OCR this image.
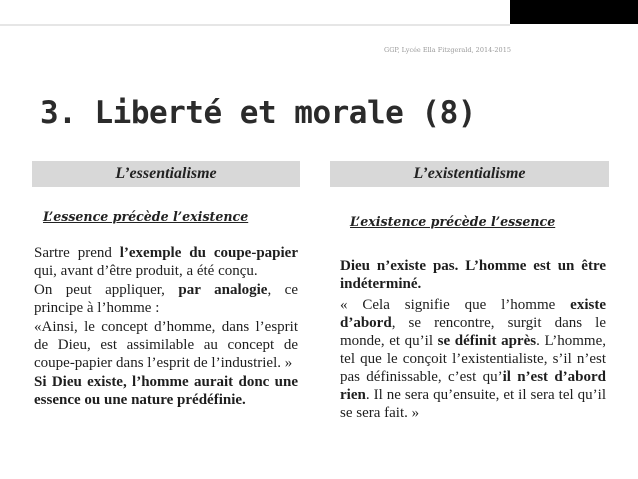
GGP, Lycée Ella Fitzgerald, 2014-2015
3. Liberté et morale (8)
L’essentialisme	L’existentialisme
L’essence précède l’existence	L’existence précède l’essence

Sartre prend l’exemple du coupe-papier qui, avant d’être produit, a été conçu.

On peut appliquer, par analogie, ce principe à l’homme :

«Ainsi, le concept d’homme, dans l’esprit de Dieu, est assimilable au concept de coupe-papier dans l’esprit de l’industriel. »

Si Dieu existe, l’homme aurait donc une essence ou une nature prédéfinie.

Dieu n’existe pas. L’homme est un être indéterminé.

« Cela signifie que l’homme existe d’abord, se rencontre, surgit dans le monde, et qu’il se définit après. L’homme, tel que le conçoit l’existentialiste, s’il n’est pas définissable, c’est qu’il n’est d’abord rien. Il ne sera qu’ensuite, et il sera tel qu’il se sera fait. »
